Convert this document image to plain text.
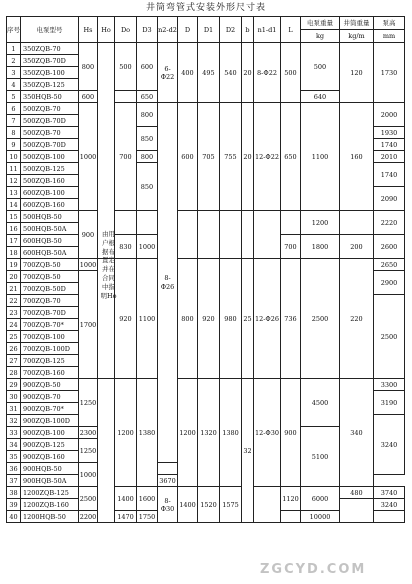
井筒弯管式安装外形尺寸表
序号	电泵型号	Hs	Ho	Do	D3	n2-d2	D	D1	D2	b	n1-d1	L	电泵重量	井筒重量	泵高
													kg	kg/m	mm
1	350ZQB-70	800		500	600	6-Φ22	400	495	540	20	8-Φ22	500	500	120	1730
2	350ZQB-70D														
3	350ZQB-100														
4	350ZQB-125														
5	350HQB-50	600			650								640		
6	500ZQB-70	1000		700	800	8-Φ26	600	705	755	20	12-Φ22	650	1100	160	2000
7	500ZQB-70D														
8	500ZQB-70				850										1930
9	500ZQB-70D														1740
10	500ZQB-100				800										2010
11	500ZQB-125				850										1740
12	500ZQB-160														
13	600ZQB-100														2090
14	600ZQB-160														
15	500HQB-50	900											1200		2220
16	500HQB-50A														
17	600HQB-50			830	1000							700	1800	200	2600
18	600HQB-50A														
19	700ZQB-50	1000		920	1100		800	920	980	25	12-Φ26	736	2500	220	2650
20	700ZQB-50	1700													2900
21	700ZQB-50D														
22	700ZQB-70														2500
23	700ZQB-70D														
24	700ZQB-70*														
25	700ZQB-100														
26	700ZQB-100D														
27	700ZQB-125														
28	700ZQB-160														
29	900ZQB-50	1250		1200	1380		1200	1320	1380	32	12-Φ30	900	4500	340	3300
30	900ZQB-70														3190
31	900ZQB-70*														
32	900ZQB-100D														3240
33	900ZQB-100	2300											5100		
34	900ZQB-125	1250													
35	900ZQB-160														
36	900HQB-50	1000													
37	900HQB-50A					3670									
38	1200ZQB-125	2500		1400	1600	8-Φ30	1400	1520	1575			1120	6000	480	3740
39	1200ZQB-160														3240
40	1200HQB-50	2200		1470	1750								10000		
由用户根据布置定并在合同中指明Ho
ZGCYD.COM
